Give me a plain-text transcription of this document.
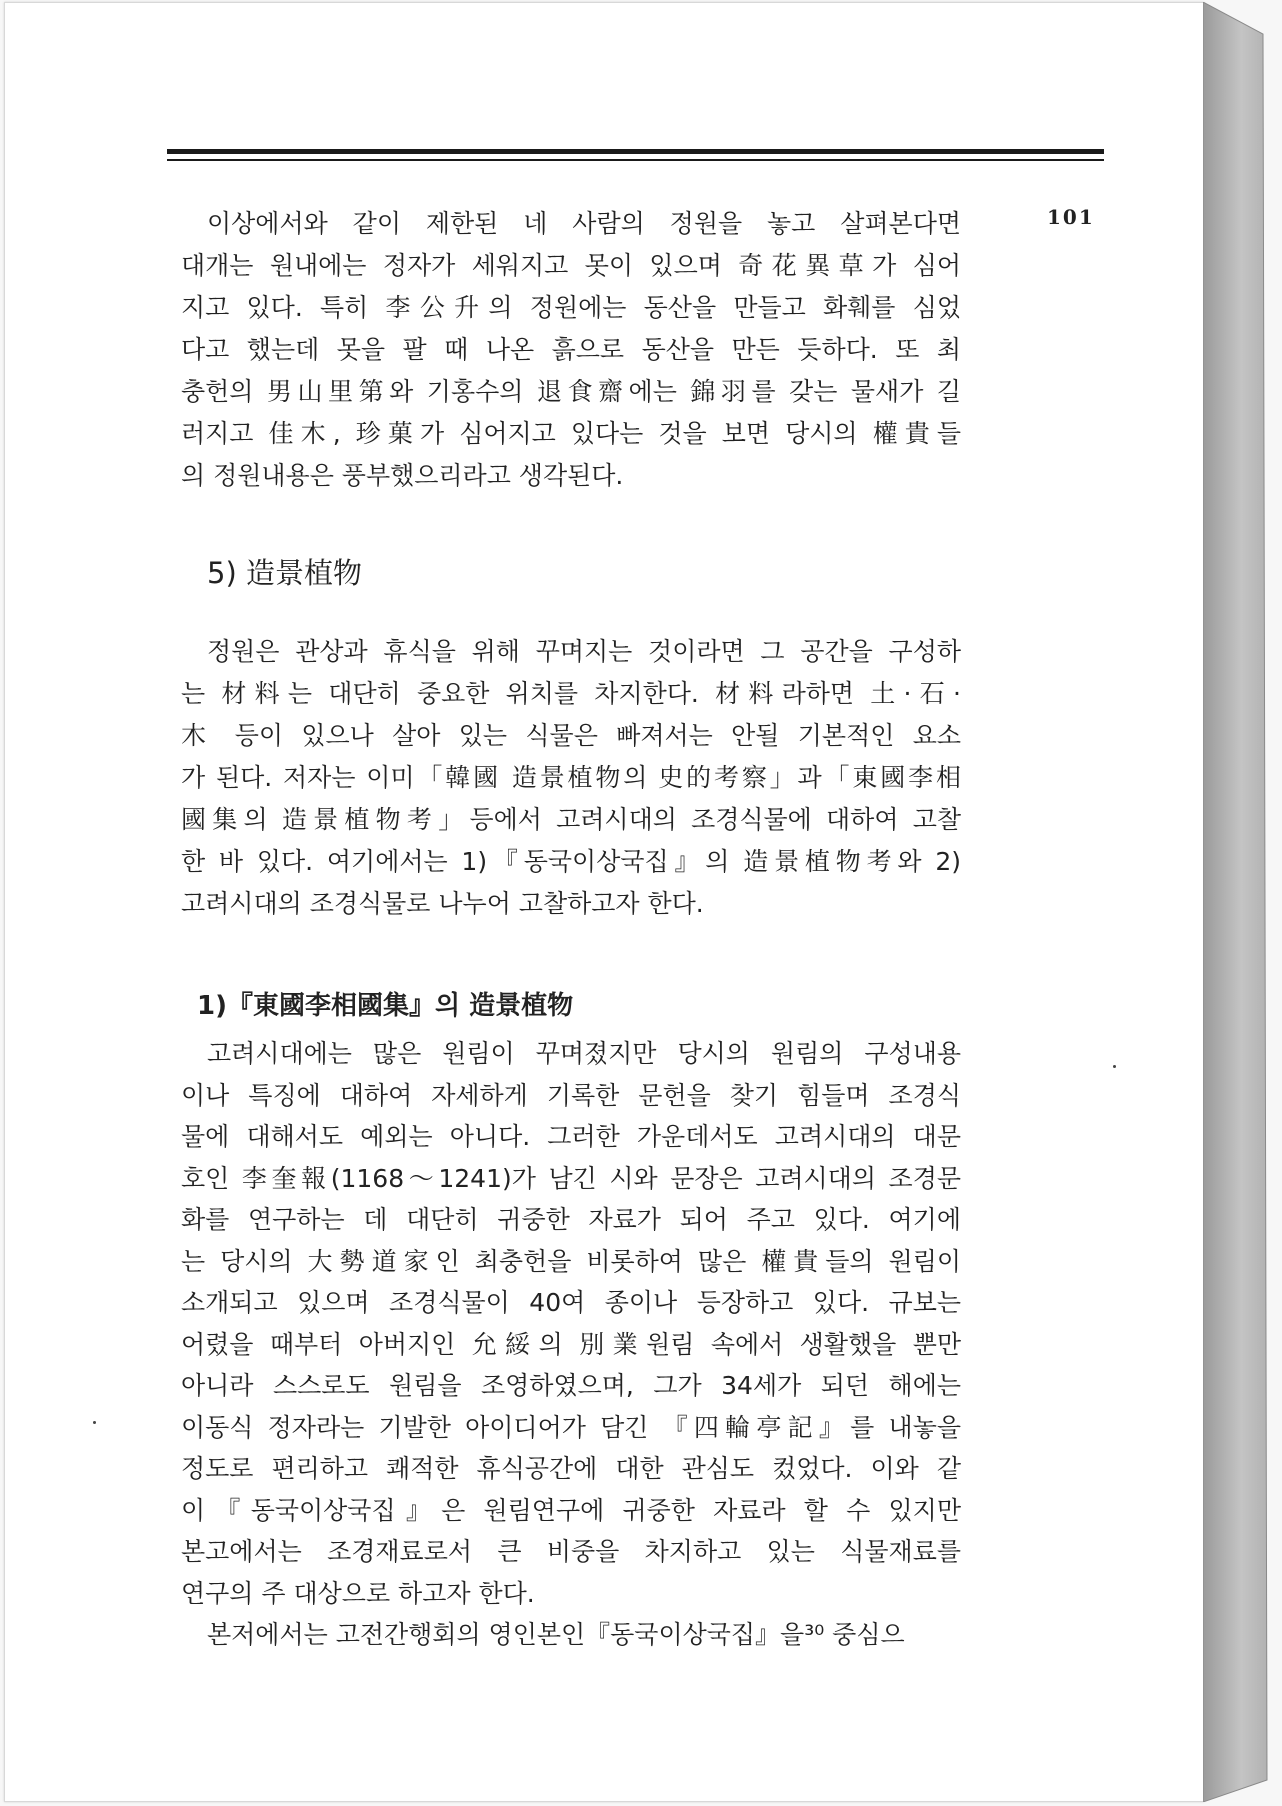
101

이상에서와 같이 제한된 네 사람의 정원을 놓고 살펴본다면

대개는 원내에는 정자가 세워지고 못이 있으며 奇花異草가 심어

지고 있다. 특히 李公升의 정원에는 동산을 만들고 화훼를 심었

다고 했는데 못을 팔 때 나온 흙으로 동산을 만든 듯하다. 또 최

충헌의 男山里第와 기홍수의 退食齋에는 錦羽를 갖는 물새가 길

러지고 佳木, 珍菓가 심어지고 있다는 것을 보면 당시의 權貴들

의 정원내용은 풍부했으리라고 생각된다.

5) 造景植物

정원은 관상과 휴식을 위해 꾸며지는 것이라면 그 공간을 구성하

는 材料는 대단히 중요한 위치를 차지한다. 材料라하면 土·石·

木 등이 있으나 살아 있는 식물은 빠져서는 안될 기본적인 요소

가 된다. 저자는 이미「韓國 造景植物의 史的考察」과「東國李相

國集의 造景植物考」등에서 고려시대의 조경식물에 대하여 고찰

한 바 있다. 여기에서는 1)『동국이상국집』의 造景植物考와 2)

고려시대의 조경식물로 나누어 고찰하고자 한다.

1)『東國李相國集』의 造景植物

고려시대에는 많은 원림이 꾸며졌지만 당시의 원림의 구성내용

이나 특징에 대하여 자세하게 기록한 문헌을 찾기 힘들며 조경식

물에 대해서도 예외는 아니다. 그러한 가운데서도 고려시대의 대문

호인 李奎報(1168～1241)가 남긴 시와 문장은 고려시대의 조경문

화를 연구하는 데 대단히 귀중한 자료가 되어 주고 있다. 여기에

는 당시의 大勢道家인 최충헌을 비롯하여 많은 權貴들의 원림이

소개되고 있으며 조경식물이 40여 종이나 등장하고 있다. 규보는

어렸을 때부터 아버지인 允綏의 別業원림 속에서 생활했을 뿐만

아니라 스스로도 원림을 조영하였으며, 그가 34세가 되던 해에는

이동식 정자라는 기발한 아이디어가 담긴 『四輪亭記』를 내놓을

정도로 편리하고 쾌적한 휴식공간에 대한 관심도 컸었다. 이와 같

이『동국이상국집』은 원림연구에 귀중한 자료라 할 수 있지만

본고에서는 조경재료로서 큰 비중을 차지하고 있는 식물재료를

연구의 주 대상으로 하고자 한다.

본저에서는 고전간행회의 영인본인『동국이상국집』을³⁰ 중심으
